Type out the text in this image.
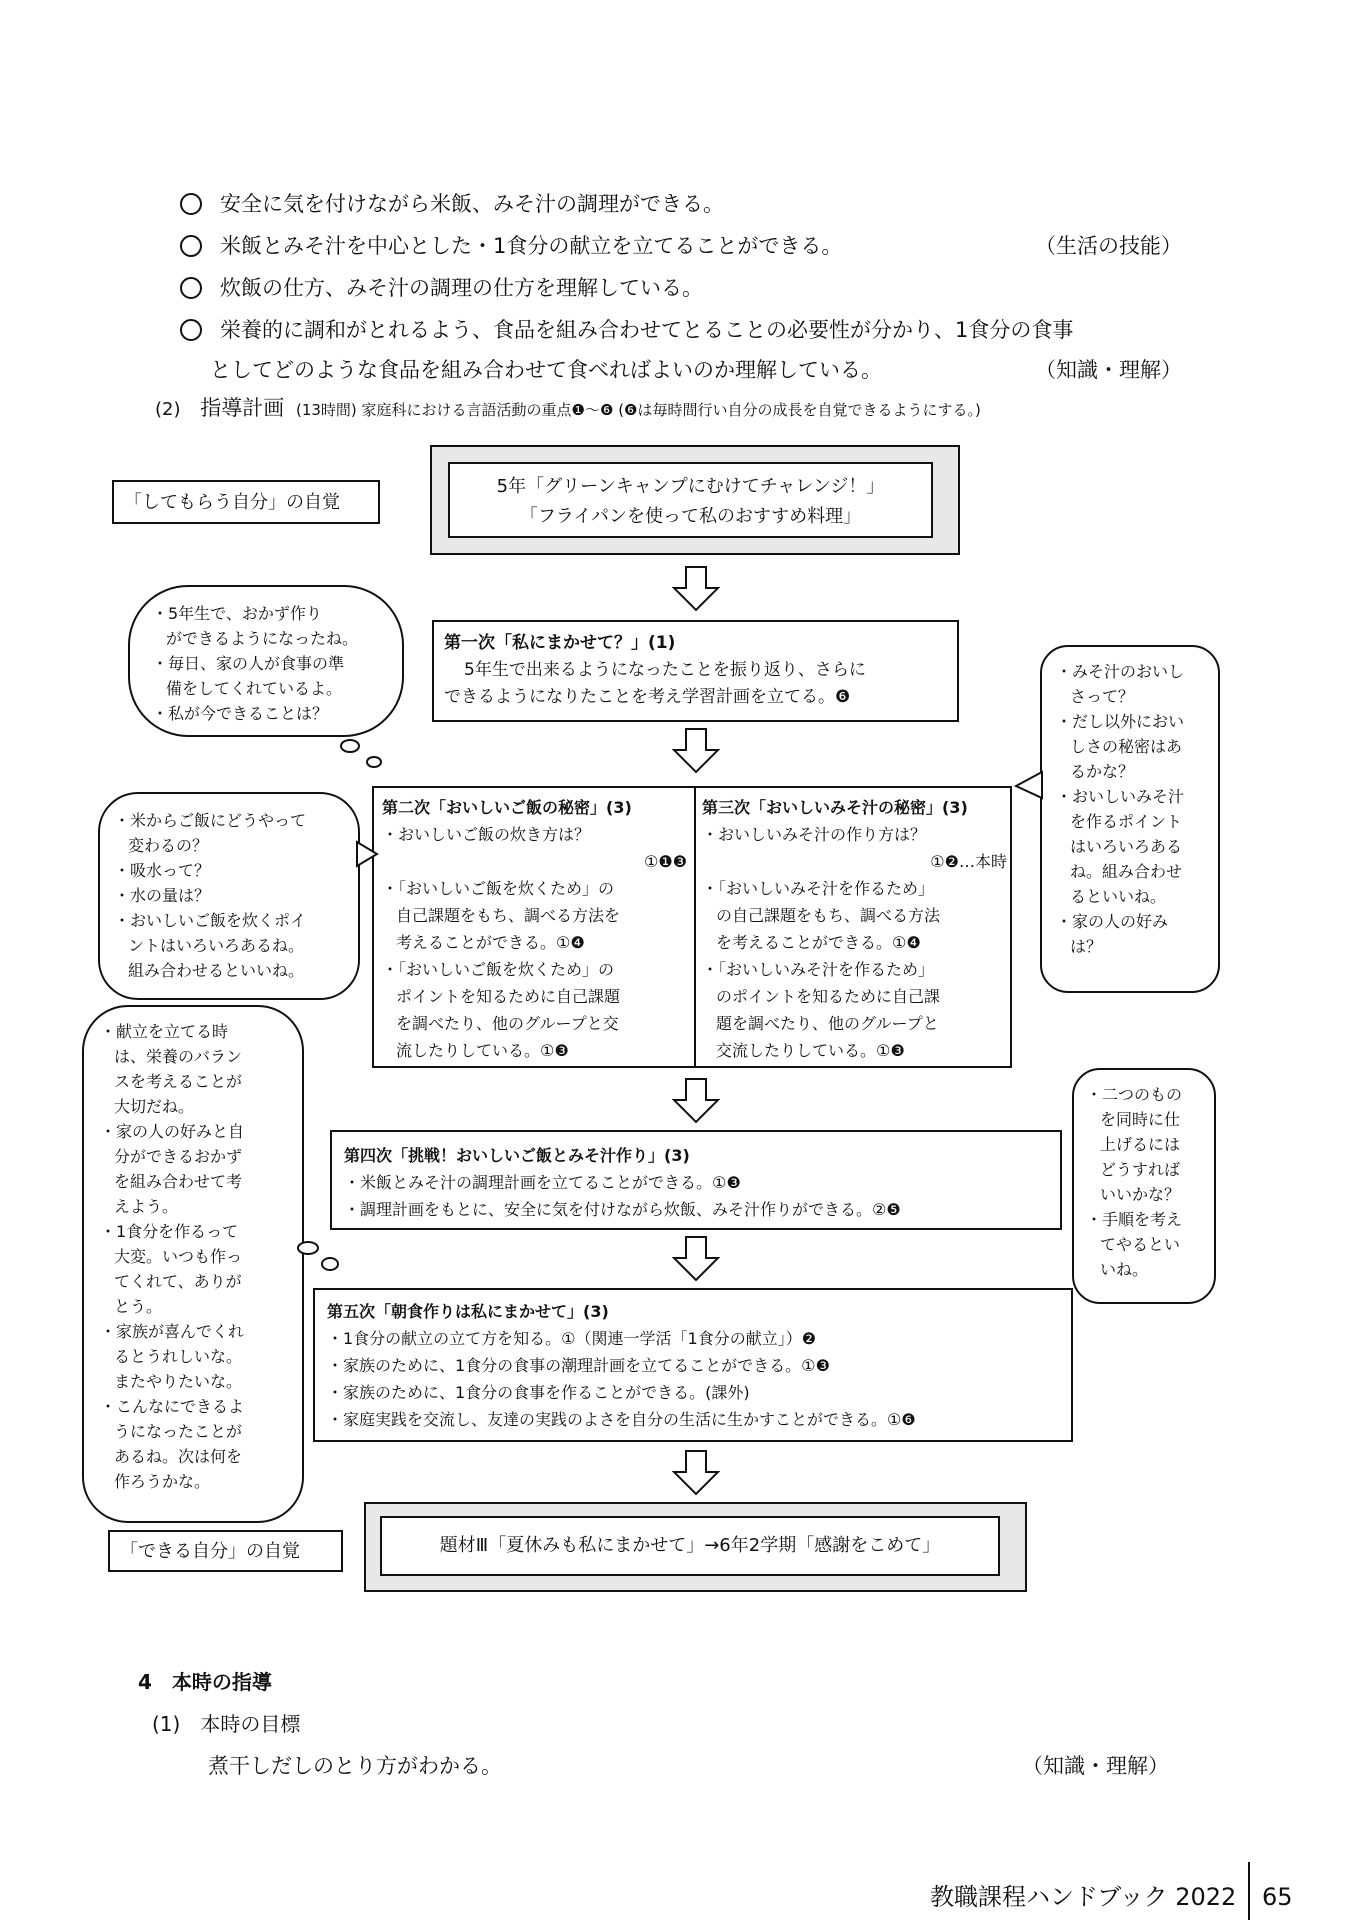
安全に気を付けながら米飯、みそ汁の調理ができる。
米飯とみそ汁を中心とした・1食分の献立を立てることができる。	（生活の技能）
炊飯の仕方、みそ汁の調理の仕方を理解している。
栄養的に調和がとれるよう、食品を組み合わせてとることの必要性が分かり、1食分の食事
としてどのような食品を組み合わせて食べればよいのか理解している。	（知識・理解）
(2) 指導計画 (13時間) 家庭科における言語活動の重点❶～❻ (❻は毎時間行い自分の成長を自覚できるようにする。)
「してもらう自分」の自覚
「できる自分」の自覚
5年「グリーンキャンプにむけてチャレンジ！」
「フライパンを使って私のおすすめ料理」
第一次「私にまかせて？」(1)
5年生で出来るようになったことを振り返り、さらに
できるようになりたことを考え学習計画を立てる。❻
第二次「おいしいご飯の秘密」(3)
・おいしいご飯の炊き方は？
①❶❸
・「おいしいご飯を炊くため」の
自己課題をもち、調べる方法を
考えることができる。①❹
・「おいしいご飯を炊くため」の
ポイントを知るために自己課題
を調べたり、他のグループと交
流したりしている。①❸
第三次「おいしいみそ汁の秘密」(3)
・おいしいみそ汁の作り方は？
①❷…本時
・「おいしいみそ汁を作るため」
の自己課題をもち、調べる方法
を考えることができる。①❹
・「おいしいみそ汁を作るため」
のポイントを知るために自己課
題を調べたり、他のグループと
交流したりしている。①❸
第四次「挑戦！おいしいご飯とみそ汁作り」(3)
・米飯とみそ汁の調理計画を立てることができる。①❸
・調理計画をもとに、安全に気を付けながら炊飯、みそ汁作りができる。②❺
第五次「朝食作りは私にまかせて」(3)
・1食分の献立の立て方を知る。①（関連一学活「1食分の献立」）❷
・家族のために、1食分の食事の潮理計画を立てることができる。①❸
・家族のために、1食分の食事を作ることができる。(課外)
・家庭実践を交流し、友達の実践のよさを自分の生活に生かすことができる。①❻
題材Ⅲ「夏休みも私にまかせて」→6年2学期「感謝をこめて」
・5年生で、おかず作り
ができるようになったね。
・毎日、家の人が食事の準
備をしてくれているよ。
・私が今できることは？
・米からご飯にどうやって
変わるの？
・吸水って？
・水の量は？
・おいしいご飯を炊くポイ
ントはいろいろあるね。
組み合わせるといいね。
・献立を立てる時
は、栄養のバラン
スを考えることが
大切だね。
・家の人の好みと自
分ができるおかず
を組み合わせて考
えよう。
・1食分を作るって
大変。いつも作っ
てくれて、ありが
とう。
・家族が喜んでくれ
るとうれしいな。
またやりたいな。
・こんなにできるよ
うになったことが
あるね。次は何を
作ろうかな。
・みそ汁のおいし
さって？
・だし以外におい
しさの秘密はあ
るかな？
・おいしいみそ汁
を作るポイント
はいろいろある
ね。組み合わせ
るといいね。
・家の人の好み
は？
・二つのもの
を同時に仕
上げるには
どうすれば
いいかな？
・手順を考え
てやるとい
いね。
4　本時の指導
(1)　本時の目標
煮干しだしのとり方がわかる。	（知識・理解）
教職課程ハンドブック 2022 65
